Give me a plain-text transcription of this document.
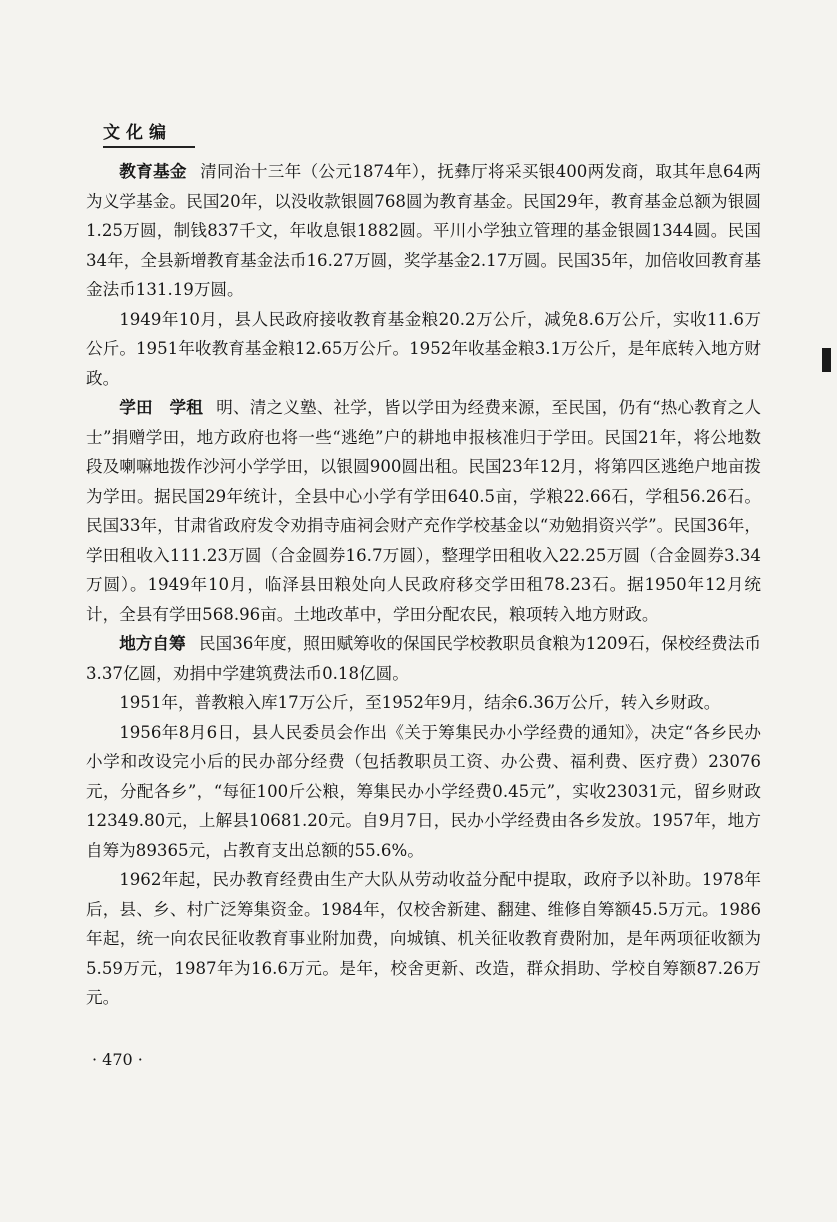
文化编

教育基金 清同治十三年（公元1874年），抚彝厅将采买银400两发商，取其年息64两为义学基金。民国20年，以没收款银圆768圆为教育基金。民国29年，教育基金总额为银圆1.25万圆，制钱837千文，年收息银1882圆。平川小学独立管理的基金银圆1344圆。民国34年，全县新增教育基金法币16.27万圆，奖学基金2.17万圆。民国35年，加倍收回教育基金法币131.19万圆。

1949年10月，县人民政府接收教育基金粮20.2万公斤，减免8.6万公斤，实收11.6万公斤。1951年收教育基金粮12.65万公斤。1952年收基金粮3.1万公斤，是年底转入地方财政。

学田　学租 明、清之义塾、社学，皆以学田为经费来源，至民国，仍有“热心教育之人士”捐赠学田，地方政府也将一些“逃绝”户的耕地申报核准归于学田。民国21年，将公地数段及喇嘛地拨作沙河小学学田，以银圆900圆出租。民国23年12月，将第四区逃绝户地亩拨为学田。据民国29年统计，全县中心小学有学田640.5亩，学粮22.66石，学租56.26石。民国33年，甘肃省政府发令劝捐寺庙祠会财产充作学校基金以“劝勉捐资兴学”。民国36年，学田租收入111.23万圆（合金圆券16.7万圆），整理学田租收入22.25万圆（合金圆券3.34万圆）。1949年10月，临泽县田粮处向人民政府移交学田租78.23石。据1950年12月统计，全县有学田568.96亩。土地改革中，学田分配农民，粮项转入地方财政。

地方自筹 民国36年度，照田赋筹收的保国民学校教职员食粮为1209石，保校经费法币3.37亿圆，劝捐中学建筑费法币0.18亿圆。

1951年，普教粮入库17万公斤，至1952年9月，结余6.36万公斤，转入乡财政。

1956年8月6日，县人民委员会作出《关于筹集民办小学经费的通知》，决定“各乡民办小学和改设完小后的民办部分经费（包括教职员工资、办公费、福利费、医疗费）23076元，分配各乡”，“每征100斤公粮，筹集民办小学经费0.45元”，实收23031元，留乡财政12349.80元，上解县10681.20元。自9月7日，民办小学经费由各乡发放。1957年，地方自筹为89365元，占教育支出总额的55.6%。

1962年起，民办教育经费由生产大队从劳动收益分配中提取，政府予以补助。1978年后，县、乡、村广泛筹集资金。1984年，仅校舍新建、翻建、维修自筹额45.5万元。1986年起，统一向农民征收教育事业附加费，向城镇、机关征收教育费附加，是年两项征收额为5.59万元，1987年为16.6万元。是年，校舍更新、改造，群众捐助、学校自筹额87.26万元。

· 470 ·
